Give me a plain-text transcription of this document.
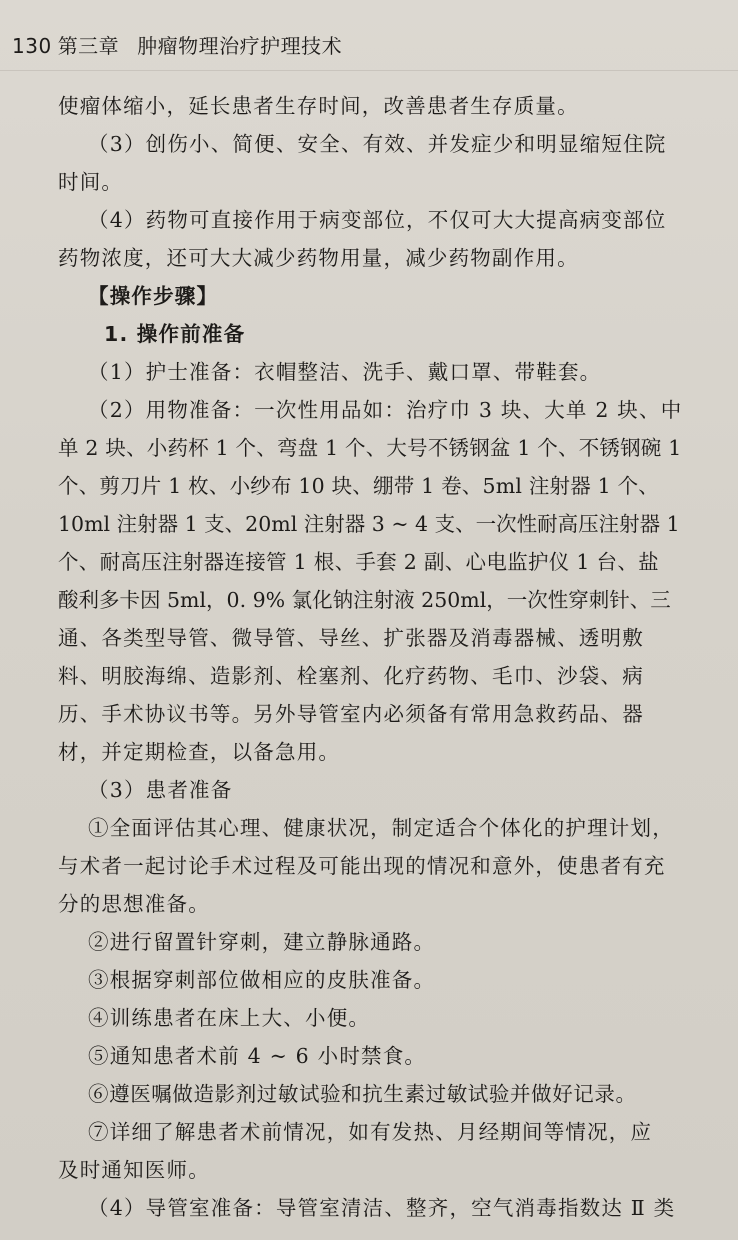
130 第三章 肿瘤物理治疗护理技术
使瘤体缩小，延长患者生存时间，改善患者生存质量。
（3）创伤小、简便、安全、有效、并发症少和明显缩短住院
时间。
（4）药物可直接作用于病变部位，不仅可大大提高病变部位
药物浓度，还可大大减少药物用量，减少药物副作用。
【操作步骤】
1. 操作前准备
（1）护士准备：衣帽整洁、洗手、戴口罩、带鞋套。
（2）用物准备：一次性用品如：治疗巾 3 块、大单 2 块、中
单 2 块、小药杯 1 个、弯盘 1 个、大号不锈钢盆 1 个、不锈钢碗 1
个、剪刀片 1 枚、小纱布 10 块、绷带 1 卷、5ml 注射器 1 个、
10ml 注射器 1 支、20ml 注射器 3 ~ 4 支、一次性耐高压注射器 1
个、耐高压注射器连接管 1 根、手套 2 副、心电监护仪 1 台、盐
酸利多卡因 5ml，0. 9% 氯化钠注射液 250ml，一次性穿刺针、三
通、各类型导管、微导管、导丝、扩张器及消毒器械、透明敷
料、明胶海绵、造影剂、栓塞剂、化疗药物、毛巾、沙袋、病
历、手术协议书等。另外导管室内必须备有常用急救药品、器
材，并定期检查，以备急用。
（3）患者准备
①全面评估其心理、健康状况，制定适合个体化的护理计划，
与术者一起讨论手术过程及可能出现的情况和意外，使患者有充
分的思想准备。
②进行留置针穿刺，建立静脉通路。
③根据穿刺部位做相应的皮肤准备。
④训练患者在床上大、小便。
⑤通知患者术前 4 ~ 6 小时禁食。
⑥遵医嘱做造影剂过敏试验和抗生素过敏试验并做好记录。
⑦详细了解患者术前情况，如有发热、月经期间等情况，应
及时通知医师。
（4）导管室准备：导管室清洁、整齐，空气消毒指数达 Ⅱ 类
